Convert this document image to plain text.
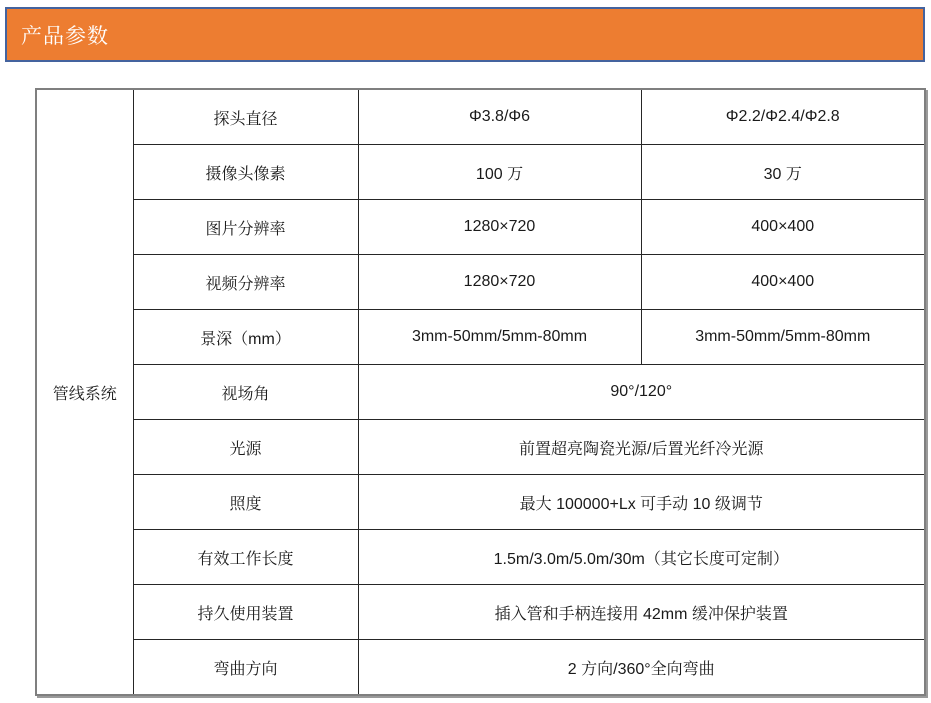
产品参数
管线系统	探头直径	Φ3.8/Φ6	Φ2.2/Φ2.4/Φ2.8
	摄像头像素	100 万	30 万
	图片分辨率	1280×720	400×400
	视频分辨率	1280×720	400×400
	景深（mm）	3mm-50mm/5mm-80mm	3mm-50mm/5mm-80mm
	视场角	90°/120°	
	光源	前置超亮陶瓷光源/后置光纤冷光源	
	照度	最大 100000+Lx 可手动 10 级调节	
	有效工作长度	1.5m/3.0m/5.0m/30m（其它长度可定制）	
	持久使用装置	插入管和手柄连接用 42mm 缓冲保护装置	
	弯曲方向	2 方向/360°全向弯曲	
